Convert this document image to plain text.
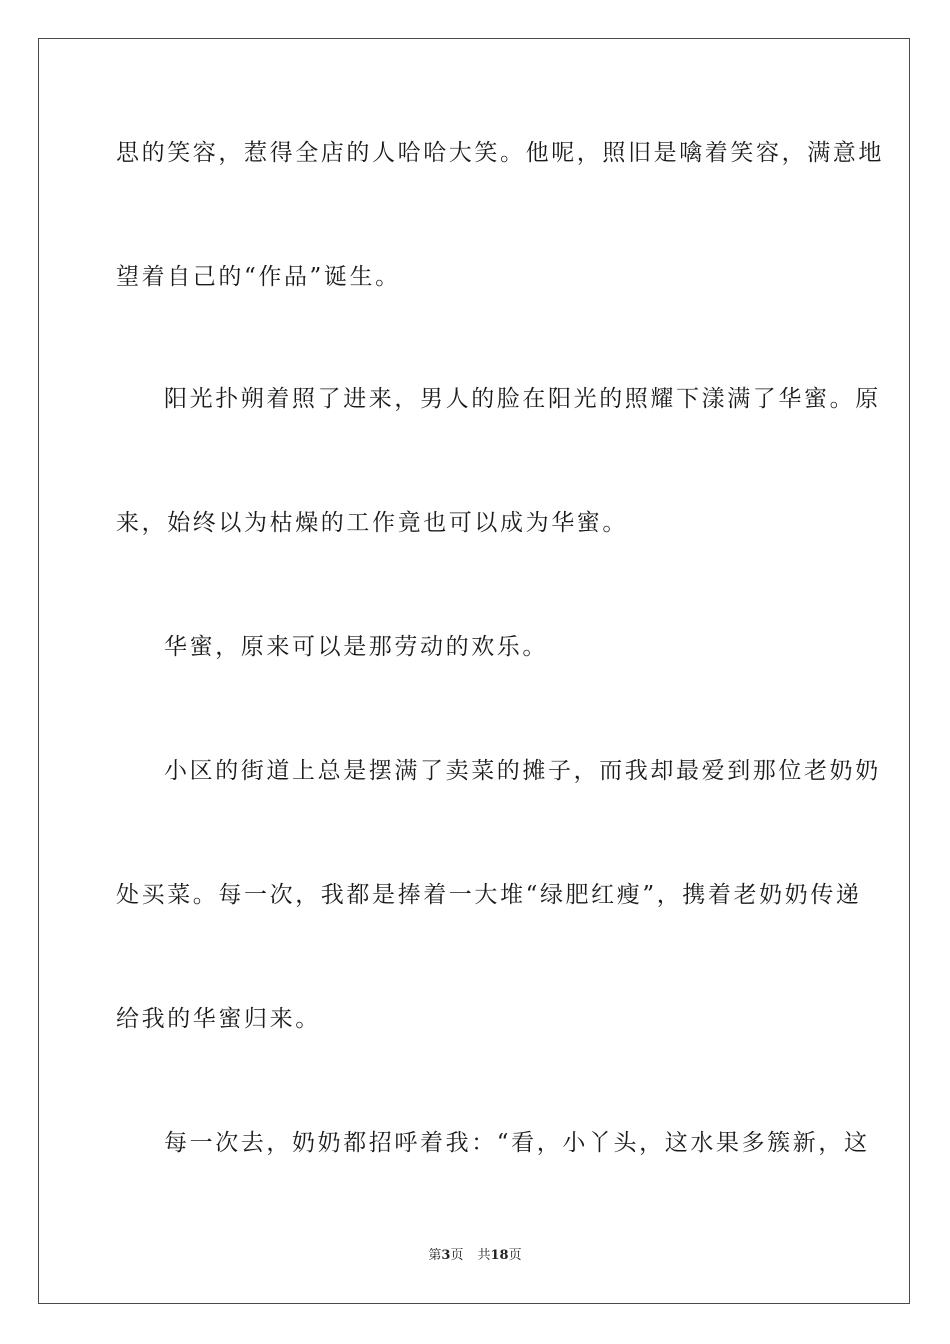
思的笑容，惹得全店的人哈哈大笑。他呢，照旧是噙着笑容，满意地
望着自己的“作品”诞生。
阳光扑朔着照了进来，男人的脸在阳光的照耀下漾满了华蜜。原
来，始终以为枯燥的工作竟也可以成为华蜜。
华蜜，原来可以是那劳动的欢乐。
小区的街道上总是摆满了卖菜的摊子，而我却最爱到那位老奶奶
处买菜。每一次，我都是捧着一大堆“绿肥红瘦”，携着老奶奶传递
给我的华蜜归来。
每一次去，奶奶都招呼着我：“看，小丫头，这水果多簇新，这
第3页 共18页
